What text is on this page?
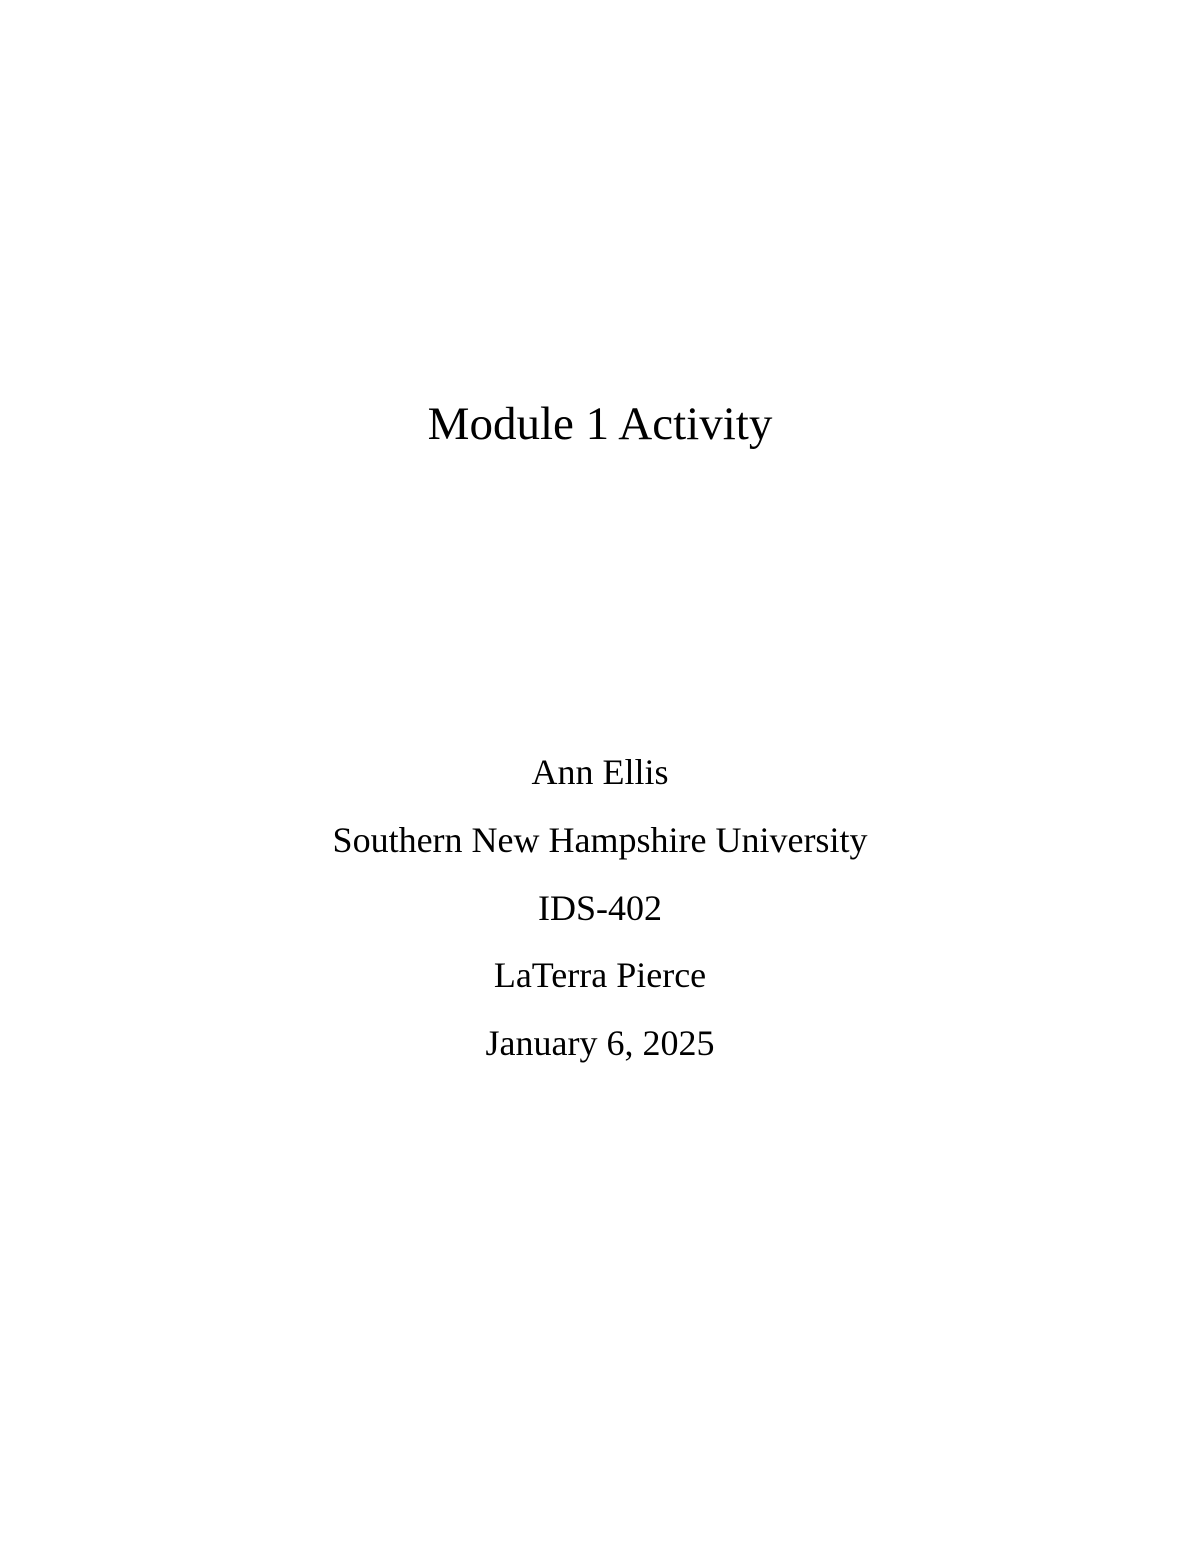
Module 1 Activity

Ann Ellis

Southern New Hampshire University

IDS-402

LaTerra Pierce

January 6, 2025
